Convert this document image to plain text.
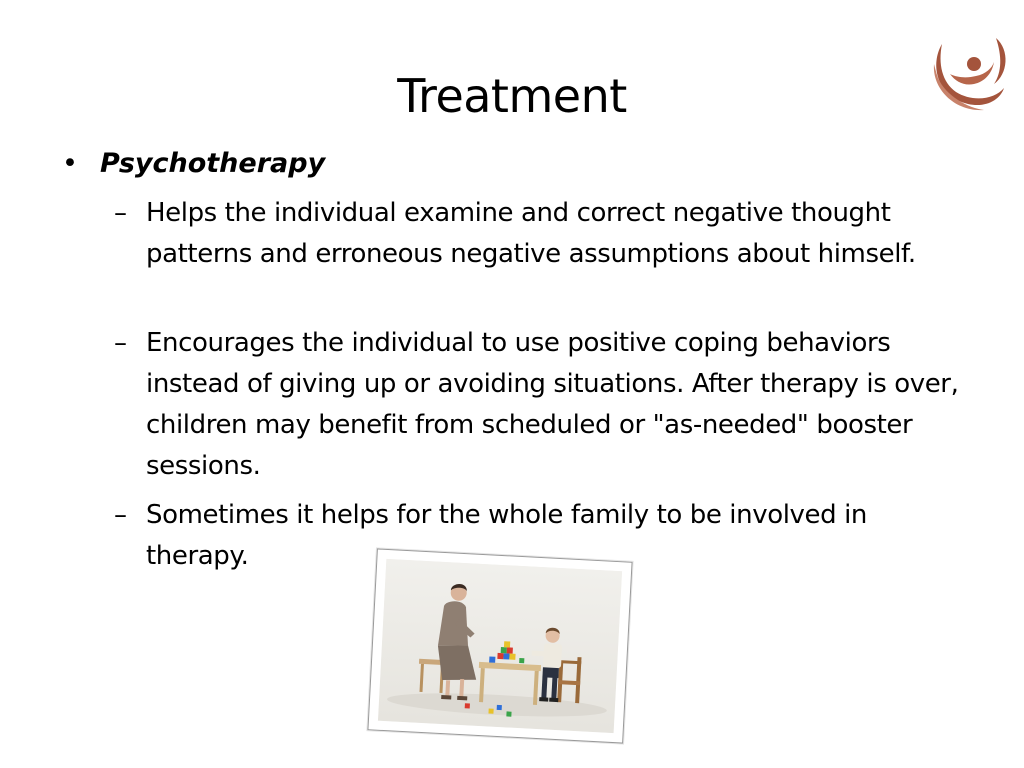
Treatment
• Psychotherapy
– Helps the individual examine and correct negative thought patterns and erroneous negative assumptions about himself.
– Encourages the individual to use positive coping behaviors instead of giving up or avoiding situations. After therapy is over, children may benefit from scheduled or "as-needed" booster sessions.
– Sometimes it helps for the whole family to be involved in therapy.
